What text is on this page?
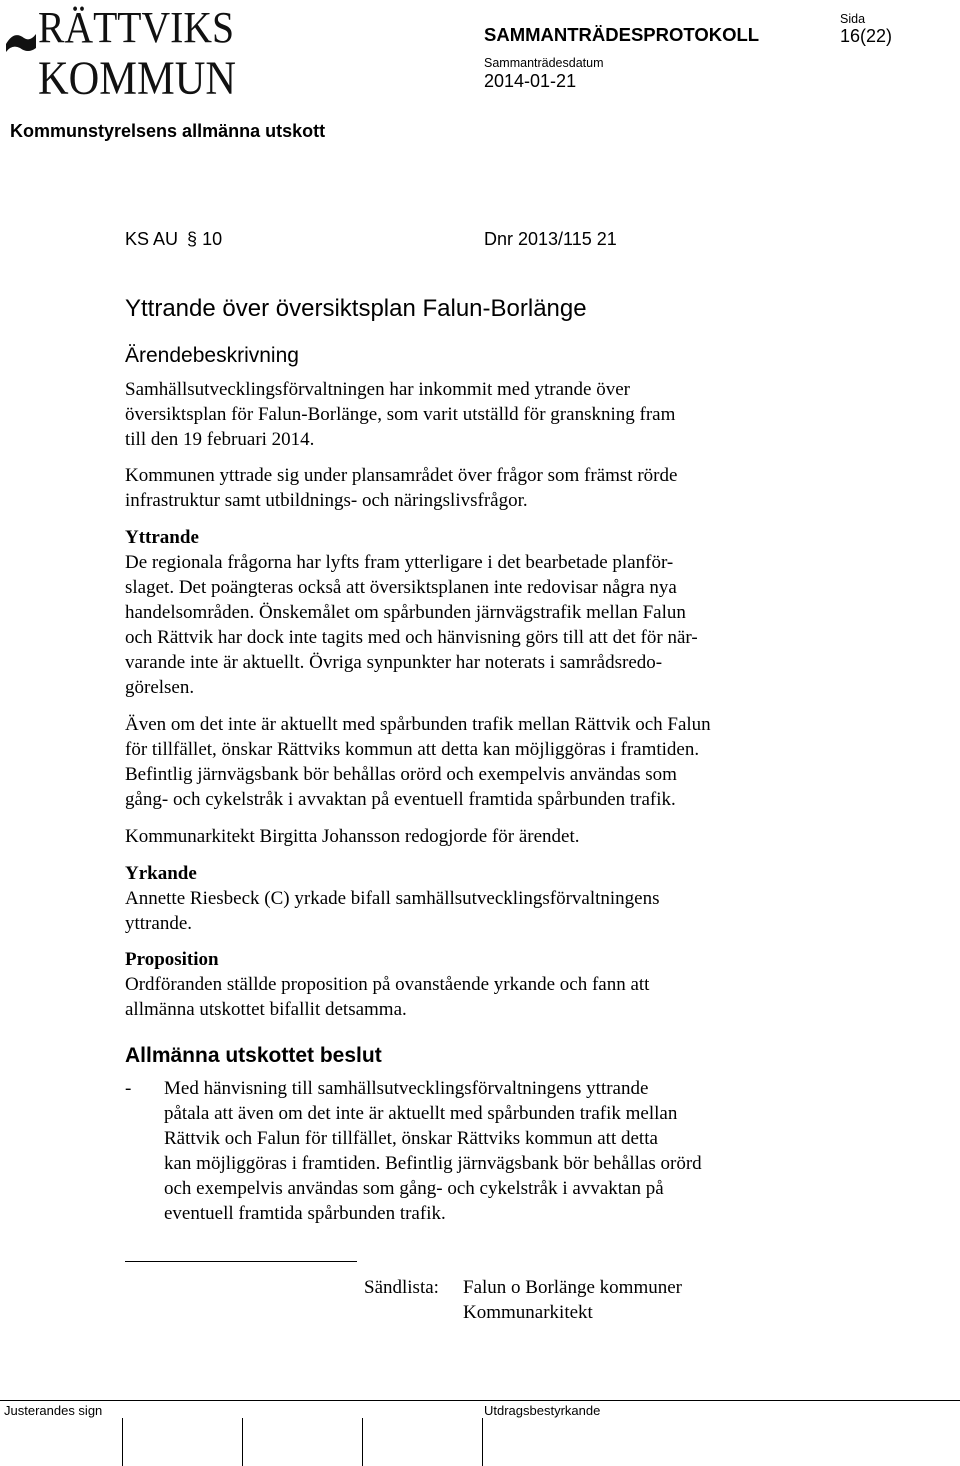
RÄTTVIKS
KOMMUN
SAMMANTRÄDESPROTOKOLL
Sammanträdesdatum
2014-01-21
Sida
16(22)
Kommunstyrelsens allmänna utskott
KS AU § 10	Dnr 2013/115 21
Yttrande över översiktsplan Falun-Borlänge
Ärendebeskrivning
Samhällsutvecklingsförvaltningen har inkommit med ytrande över
översiktsplan för Falun-Borlänge, som varit utställd för granskning fram
till den 19 februari 2014.
Kommunen yttrade sig under plansamrådet över frågor som främst rörde
infrastruktur samt utbildnings- och näringslivsfrågor.
Yttrande
De regionala frågorna har lyfts fram ytterligare i det bearbetade planför-
slaget. Det poängteras också att översiktsplanen inte redovisar några nya
handelsområden. Önskemålet om spårbunden järnvägstrafik mellan Falun
och Rättvik har dock inte tagits med och hänvisning görs till att det för när-
varande inte är aktuellt. Övriga synpunkter har noterats i samrådsredo-
görelsen.
Även om det inte är aktuellt med spårbunden trafik mellan Rättvik och Falun
för tillfället, önskar Rättviks kommun att detta kan möjliggöras i framtiden.
Befintlig järnvägsbank bör behållas orörd och exempelvis användas som
gång- och cykelstråk i avvaktan på eventuell framtida spårbunden trafik.
Kommunarkitekt Birgitta Johansson redogjorde för ärendet.
Yrkande
Annette Riesbeck (C) yrkade bifall samhällsutvecklingsförvaltningens
yttrande.
Proposition
Ordföranden ställde proposition på ovanstående yrkande och fann att
allmänna utskottet bifallit detsamma.
Allmänna utskottet beslut
- Med hänvisning till samhällsutvecklingsförvaltningens yttrande
påtala att även om det inte är aktuellt med spårbunden trafik mellan
Rättvik och Falun för tillfället, önskar Rättviks kommun att detta
kan möjliggöras i framtiden. Befintlig järnvägsbank bör behållas orörd
och exempelvis användas som gång- och cykelstråk i avvaktan på
eventuell framtida spårbunden trafik.
Sändlista: Falun o Borlänge kommuner
Kommunarkitekt
Justerandes sign	Utdragsbestyrkande
